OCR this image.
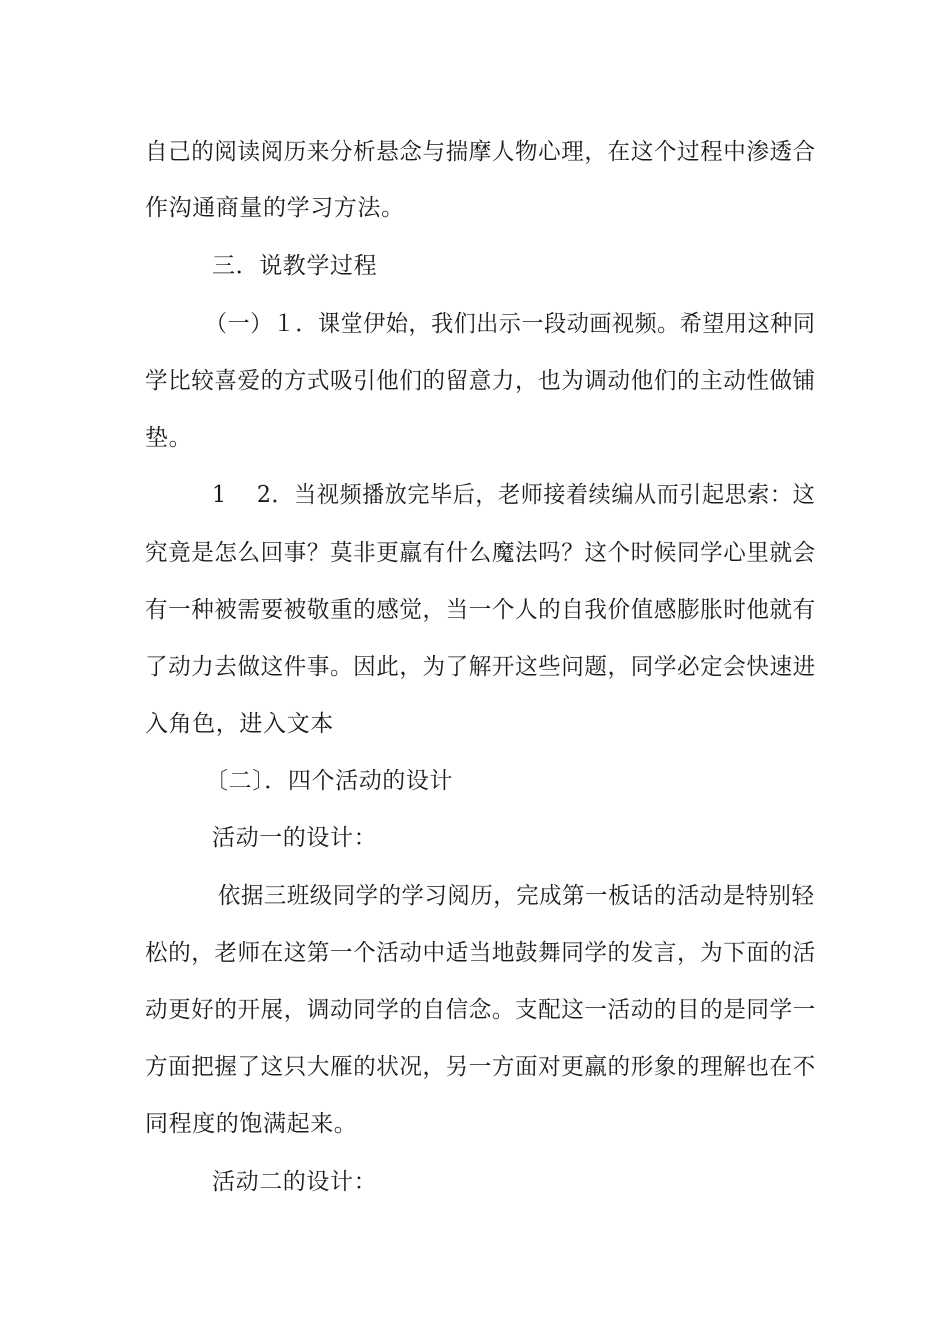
自己的阅读阅历来分析悬念与揣摩人物心理，在这个过程中渗透合
作沟通商量的学习方法。
三．说教学过程
（一）１．课堂伊始，我们出示一段动画视频。希望用这种同
学比较喜爱的方式吸引他们的留意力，也为调动他们的主动性做铺
垫。
1　 2．当视频播放完毕后，老师接着续编从而引起思索：这
究竟是怎么回事？莫非更羸有什么魔法吗？这个时候同学心里就会
有一种被需要被敬重的感觉，当一个人的自我价值感膨胀时他就有
了动力去做这件事。因此，为了解开这些问题，同学必定会快速进
入角色，进入文本
〔二〕．四个活动的设计
活动一的设计：
依据三班级同学的学习阅历，完成第一板话的活动是特别轻
松的，老师在这第一个活动中适当地鼓舞同学的发言，为下面的活
动更好的开展，调动同学的自信念。支配这一活动的目的是同学一
方面把握了这只大雁的状况，另一方面对更羸的形象的理解也在不
同程度的饱满起来。
活动二的设计：
